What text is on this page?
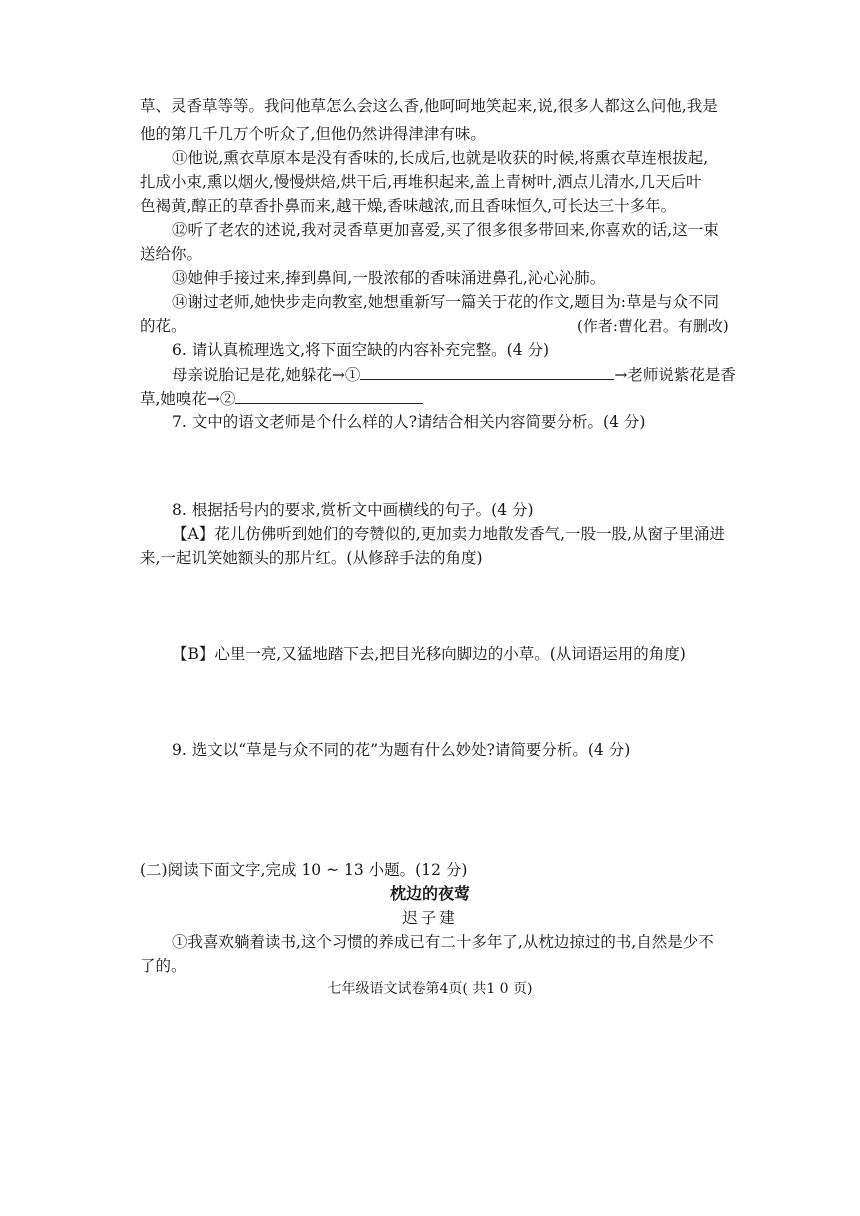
草、灵香草等等。我问他草怎么会这么香,他呵呵地笑起来,说,很多人都这么问他,我是
他的第几千几万个听众了,但他仍然讲得津津有味。
⑪他说,熏衣草原本是没有香味的,长成后,也就是收获的时候,将熏衣草连根拔起,
扎成小束,熏以烟火,慢慢烘焙,烘干后,再堆积起来,盖上青树叶,洒点儿清水,几天后叶
色褐黄,醇正的草香扑鼻而来,越干燥,香味越浓,而且香味恒久,可长达三十多年。
⑫听了老农的述说,我对灵香草更加喜爱,买了很多很多带回来,你喜欢的话,这一束
送给你。
⑬她伸手接过来,捧到鼻间,一股浓郁的香味涌进鼻孔,沁心沁肺。
⑭谢过老师,她快步走向教室,她想重新写一篇关于花的作文,题目为:草是与众不同
的花。	(作者:曹化君。有删改)
6. 请认真梳理选文,将下面空缺的内容补充完整。(4 分)
母亲说胎记是花,她躲花→①	→老师说紫花是香
草,她嗅花→②
7. 文中的语文老师是个什么样的人?请结合相关内容简要分析。(4 分)
8. 根据括号内的要求,赏析文中画横线的句子。(4 分)
【A】花儿仿佛听到她们的夸赞似的,更加卖力地散发香气,一股一股,从窗子里涌进
来,一起讥笑她额头的那片红。(从修辞手法的角度)
【B】心里一亮,又猛地踏下去,把目光移向脚边的小草。(从词语运用的角度)
9. 选文以“草是与众不同的花”为题有什么妙处?请简要分析。(4 分)
(二)阅读下面文字,完成 10 ~ 13 小题。(12 分)
枕边的夜莺
迟子建
①我喜欢躺着读书,这个习惯的养成已有二十多年了,从枕边掠过的书,自然是少不
了的。
七年级语文试卷第4页( 共1 0 页)
